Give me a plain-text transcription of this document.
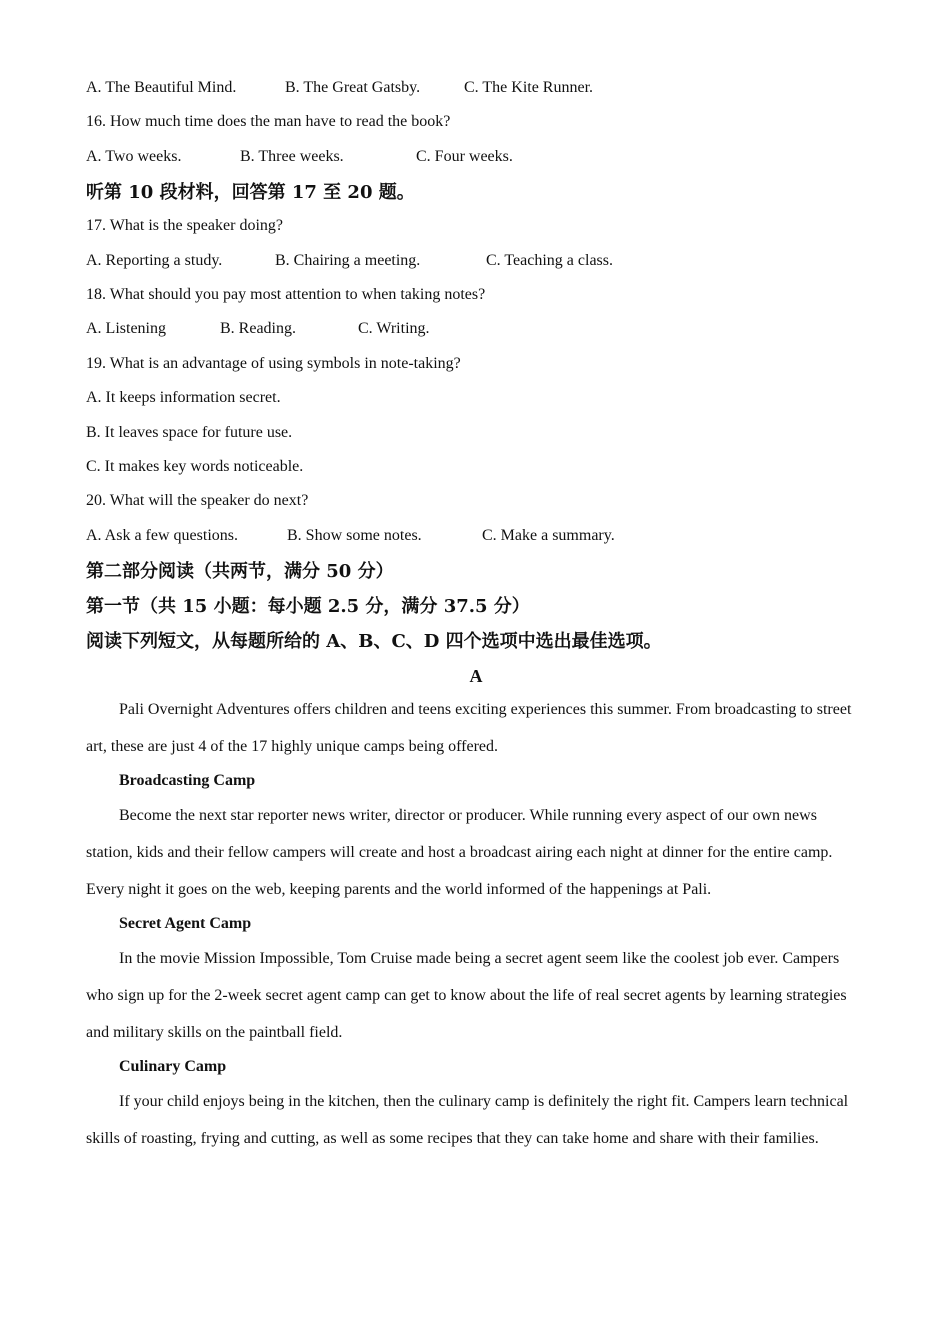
A. The Beautiful Mind.	B. The Great Gatsby.	C. The Kite Runner.
16. How much time does the man have to read the book?
A. Two weeks.	B. Three weeks.	C. Four weeks.
听第 10 段材料，回答第 17 至 20 题。
17. What is the speaker doing?
A. Reporting a study.	B. Chairing a meeting.	C. Teaching a class.
18. What should you pay most attention to when taking notes?
A. Listening	B. Reading.	C. Writing.
19. What is an advantage of using symbols in note-taking?
A. It keeps information secret.
B. It leaves space for future use.
C. It makes key words noticeable.
20. What will the speaker do next?
A. Ask a few questions.	B. Show some notes.	C. Make a summary.
第二部分阅读（共两节，满分 50 分）
第一节（共 15 小题：每小题 2.5 分，满分 37.5 分）
阅读下列短文，从每题所给的 A、B、C、D 四个选项中选出最佳选项。
A
Pali Overnight Adventures offers children and teens exciting experiences this summer. From broadcasting to street art, these are just 4 of the 17 highly unique camps being offered.
Broadcasting Camp
Become the next star reporter news writer, director or producer. While running every aspect of our own news station, kids and their fellow campers will create and host a broadcast airing each night at dinner for the entire camp. Every night it goes on the web, keeping parents and the world informed of the happenings at Pali.
Secret Agent Camp
In the movie Mission Impossible, Tom Cruise made being a secret agent seem like the coolest job ever. Campers who sign up for the 2-week secret agent camp can get to know about the life of real secret agents by learning strategies and military skills on the paintball field.
Culinary Camp
If your child enjoys being in the kitchen, then the culinary camp is definitely the right fit. Campers learn technical skills of roasting, frying and cutting, as well as some recipes that they can take home and share with their families.
